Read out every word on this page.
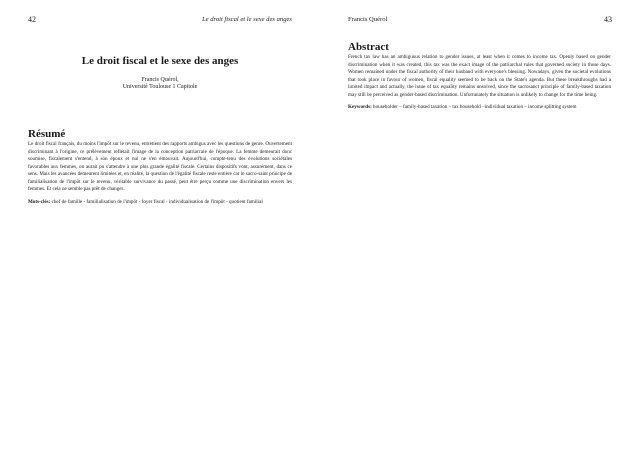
42	Le droit fiscal et le sexe des anges

Le droit fiscal et le sexe des anges

Francis Quérol,
Université Toulouse 1 Capitole
Résumé

Le droit fiscal français, du moins l'impôt sur le revenu, entretient des rapports ambigus avec les questions de genre. Ouvertement discriminant à l'origine, ce prélèvement reflétait l'image de la conception patriarcale de l'époque. La femme demeurait donc soumise, fiscalement s'entend, à son époux et nul ne s'en émouvait. Aujourd'hui, compte-tenu des évolutions sociétales favorables aux femmes, on aurait pu s'attendre à une plus grande égalité fiscale. Certains dispositifs vont, assurément, dans ce sens. Mais les avancées demeurent limitées et, en réalité, la question de l'égalité fiscale reste entière car le sacro-saint principe de familialisation de l'impôt sur le revenu, véritable survivance du passé, peut être perçu comme une discrimination envers les femmes. Et cela ne semble pas prêt de changer..

Mots-clés: chef de famille - familialisation de l'impôt - foyer fiscal - individualisation de l'impôt - quotient familial

Francis Quérol	43
Abstract

French tax law has an ambiguous relation to gender issues, at least when it comes to income tax. Openly based on gender discrimination when it was created, this tax was the exact image of the patriarchal rules that governed society in those days. Women remained under the fiscal authority of their husband with everyone's blessing. Nowadays, given the societal evolutions that took place in favour of women, fiscal equality seemed to be back on the State's agenda. But these breakthroughs had a limited impact and actually, the issue of tax equality remains unsolved, since the sacrosanct principle of family-based taxation may still be perceived as gender-based discrimination. Unfortunately the situation is unlikely to change for the time being.

Keywords: householder – family-based taxation – tax household –individual taxation – income splitting system
